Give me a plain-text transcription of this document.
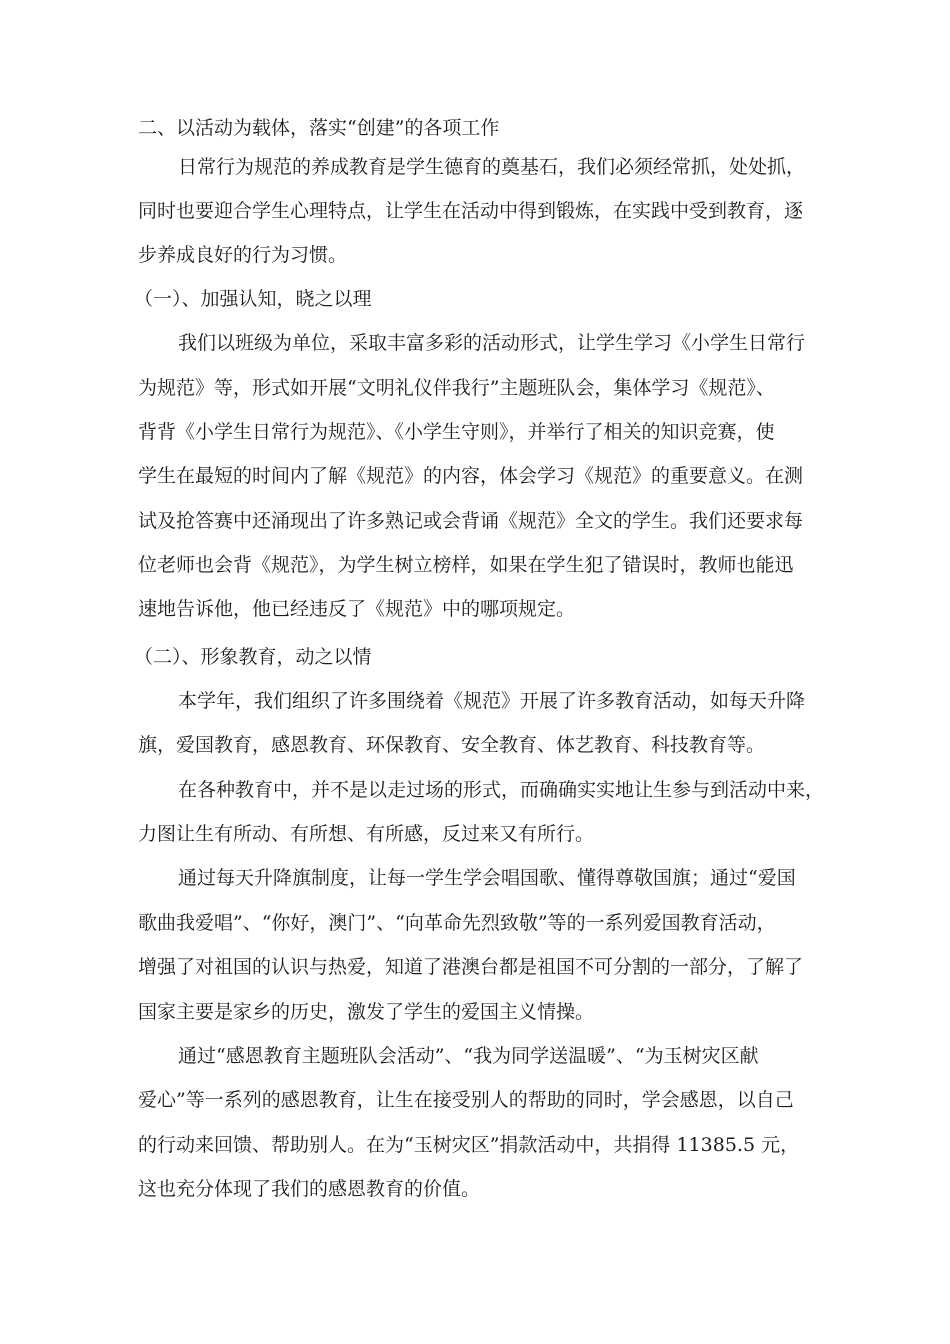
二、以活动为载体，落实“创建”的各项工作
日常行为规范的养成教育是学生德育的奠基石，我们必须经常抓，处处抓，
同时也要迎合学生心理特点，让学生在活动中得到锻炼，在实践中受到教育，逐
步养成良好的行为习惯。
（一）、加强认知，晓之以理
我们以班级为单位，采取丰富多彩的活动形式，让学生学习《小学生日常行
为规范》等，形式如开展“文明礼仪伴我行”主题班队会，集体学习《规范》、
背背《小学生日常行为规范》、《小学生守则》，并举行了相关的知识竞赛，使
学生在最短的时间内了解《规范》的内容，体会学习《规范》的重要意义。在测
试及抢答赛中还涌现出了许多熟记或会背诵《规范》全文的学生。我们还要求每
位老师也会背《规范》，为学生树立榜样，如果在学生犯了错误时，教师也能迅
速地告诉他，他已经违反了《规范》中的哪项规定。
（二）、形象教育，动之以情
本学年，我们组织了许多围绕着《规范》开展了许多教育活动，如每天升降
旗，爱国教育，感恩教育、环保教育、安全教育、体艺教育、科技教育等。
在各种教育中，并不是以走过场的形式，而确确实实地让生参与到活动中来，
力图让生有所动、有所想、有所感，反过来又有所行。
通过每天升降旗制度，让每一学生学会唱国歌、懂得尊敬国旗；通过“爱国
歌曲我爱唱”、“你好，澳门”、“向革命先烈致敬”等的一系列爱国教育活动，
增强了对祖国的认识与热爱，知道了港澳台都是祖国不可分割的一部分，了解了
国家主要是家乡的历史，激发了学生的爱国主义情操。
通过“感恩教育主题班队会活动”、“我为同学送温暖”、“为玉树灾区献
爱心”等一系列的感恩教育，让生在接受别人的帮助的同时，学会感恩，以自己
的行动来回馈、帮助别人。在为“玉树灾区”捐款活动中，共捐得 11385.5 元，
这也充分体现了我们的感恩教育的价值。
